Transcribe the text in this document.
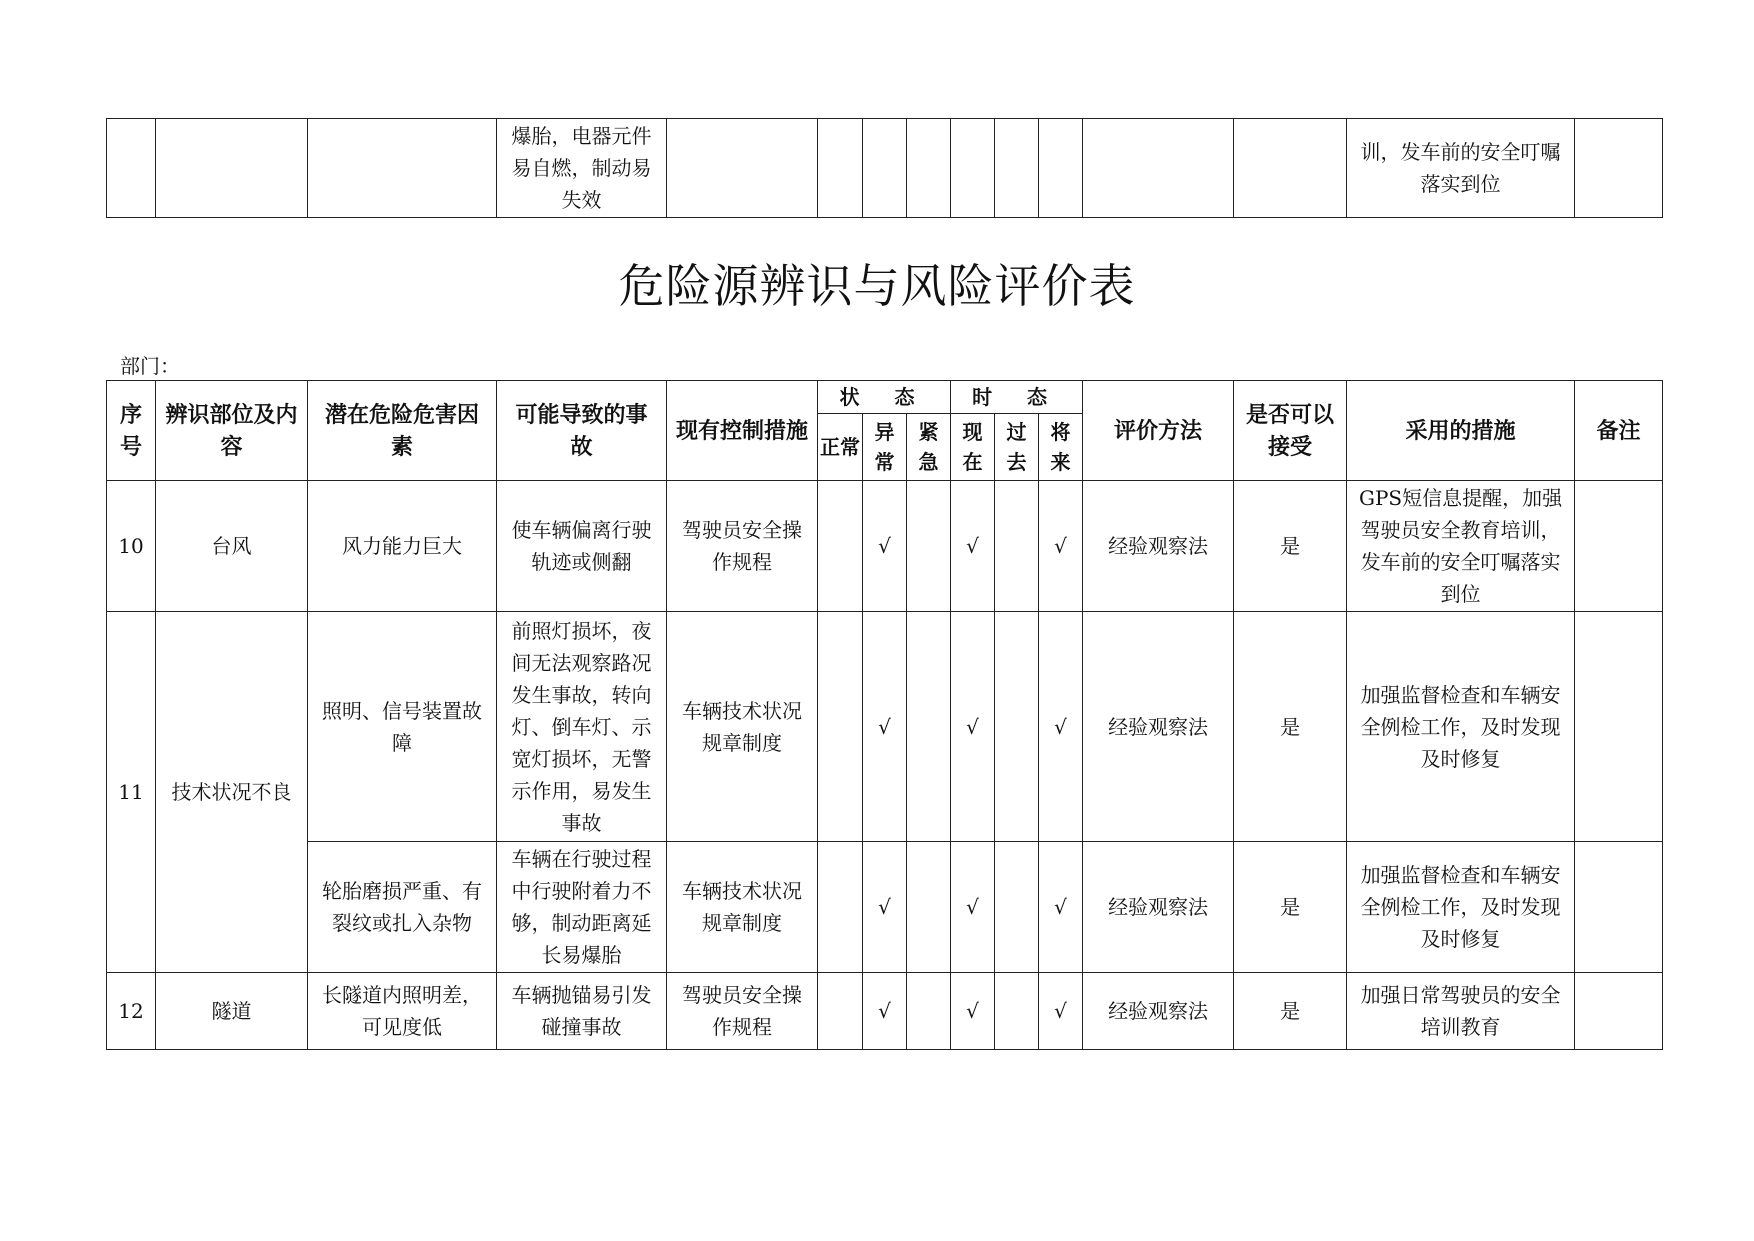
			爆胎，电器元件易自燃，制动易失效										训，发车前的安全叮嘱落实到位	
危险源辨识与风险评价表
部门：
序号	辨识部位及内容	潜在危险危害因素	可能导致的事故	现有控制措施	状 态			时 态			评价方法	是否可以接受	采用的措施	备注
					正常	异常	紧急	现在	过去	将来				
10	台风	风力能力巨大	使车辆偏离行驶轨迹或侧翻	驾驶员安全操作规程		√		√		√	经验观察法	是	GPS短信息提醒，加强驾驶员安全教育培训，发车前的安全叮嘱落实到位	
11	技术状况不良	照明、信号装置故障	前照灯损坏，夜间无法观察路况发生事故，转向灯、倒车灯、示宽灯损坏，无警示作用，易发生事故	车辆技术状况规章制度		√		√		√	经验观察法	是	加强监督检查和车辆安全例检工作，及时发现及时修复	
		轮胎磨损严重、有裂纹或扎入杂物	车辆在行驶过程中行驶附着力不够，制动距离延长易爆胎	车辆技术状况规章制度		√		√		√	经验观察法	是	加强监督检查和车辆安全例检工作，及时发现及时修复	
12	隧道	长隧道内照明差，可见度低	车辆抛锚易引发碰撞事故	驾驶员安全操作规程		√		√		√	经验观察法	是	加强日常驾驶员的安全培训教育	
